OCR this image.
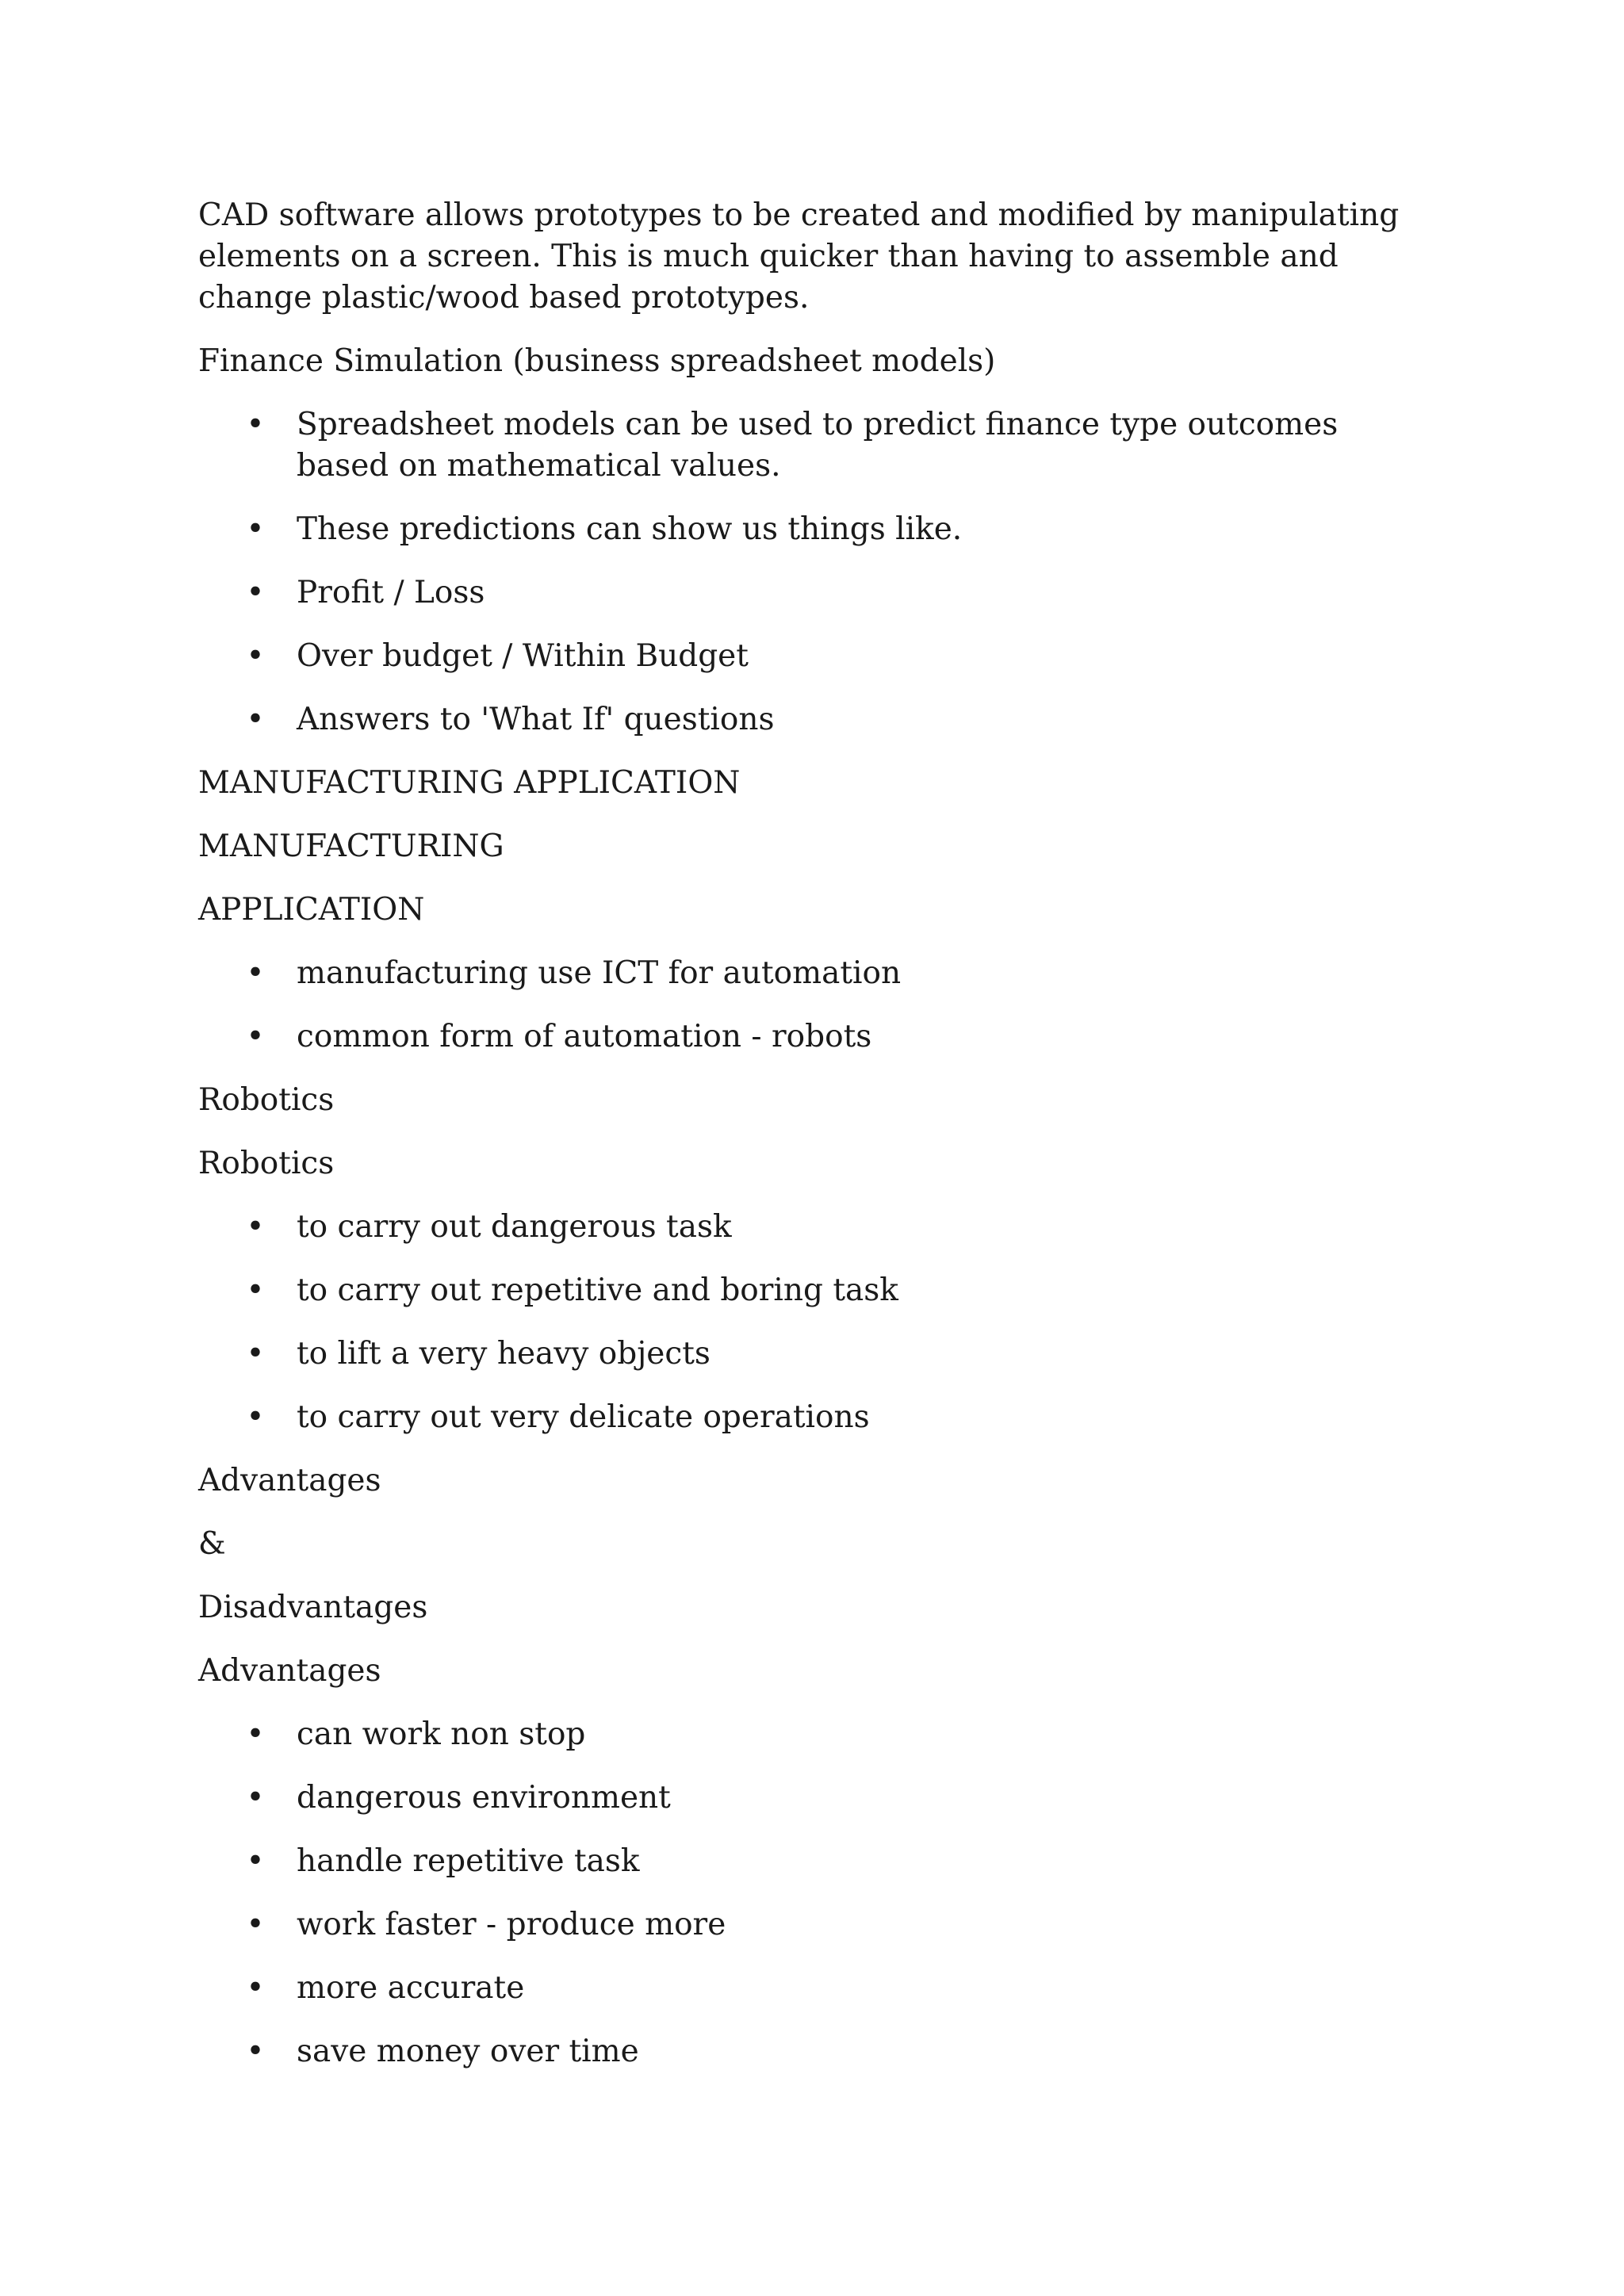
CAD software allows prototypes to be created and modified by manipulating elements on a screen. This is much quicker than having to assemble and change plastic/wood based prototypes.

Finance Simulation (business spreadsheet models)

•
Spreadsheet models can be used to predict finance type outcomes based on mathematical values.
•
These predictions can show us things like.
•
Profit / Loss
•
Over budget / Within Budget
•
Answers to 'What If' questions

MANUFACTURING APPLICATION

MANUFACTURING

APPLICATION

•
manufacturing use ICT for automation
•
common form of automation - robots

Robotics

Robotics

•
to carry out dangerous task
•
to carry out repetitive and boring task
•
to lift a very heavy objects
•
to carry out very delicate operations

Advantages

&

Disadvantages

Advantages

•
can work non stop
•
dangerous environment
•
handle repetitive task
•
work faster - produce more
•
more accurate
•
save money over time
